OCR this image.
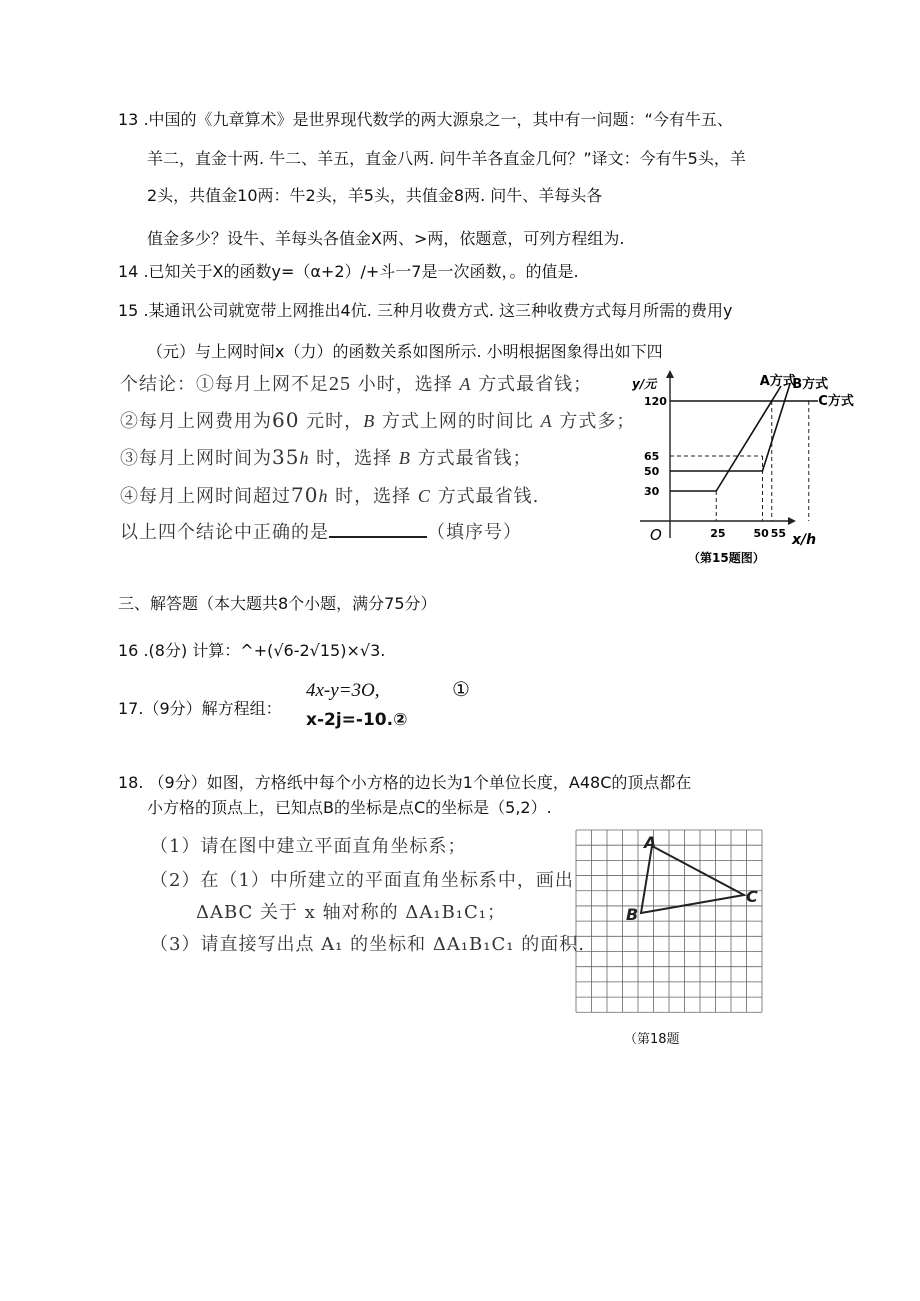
13 .中国的《九章算术》是世界现代数学的两大源泉之一，其中有一问题：“今有牛五、
羊二，直金十两. 牛二、羊五，直金八两. 问牛羊各直金几何？”译文：今有牛5头，羊
2头，共值金10两：牛2头，羊5头，共值金8两. 问牛、羊每头各
值金多少？设牛、羊每头各值金X两、>两，依题意，可列方程组为.
14 .已知关于X的函数y=（α+2）/+斗一7是一次函数，。的值是.
15 .某通讯公司就宽带上网推出4伉. 三种月收费方式. 这三种收费方式每月所需的费用y
（元）与上网时间x（力）的函数关系如图所示. 小明根据图象得出如下四
个结论：①每月上网不足25 小时，选择 A 方式最省钱；
②每月上网费用为60 元时，B 方式上网的时间比 A 方式多；
③每月上网时间为35h 时，选择 B 方式最省钱；
④每月上网时间超过70h 时，选择 C 方式最省钱.
以上四个结论中正确的是	（填序号）
A方式
B方式
C方式
30
50
65
120
25	50 55
y/元
x/h
O
（第15题图）
三、解答题（本大题共8个小题，满分75分）
16 .(8分) 计算：^+(√6-2√15)×√3.
17.（9分）解方程组：
4x-y=3O,	①
x-2j=-10.②
18. （9分）如图，方格纸中每个小方格的边长为1个单位长度，A48C的顶点都在
小方格的顶点上，已知点B的坐标是点C的坐标是（5,2）.
（1）请在图中建立平面直角坐标系；
（2）在（1）中所建立的平面直角坐标系中，画出
ΔABC 关于 x 轴对称的 ΔA₁B₁C₁；
（3）请直接写出点 A₁ 的坐标和 ΔA₁B₁C₁ 的面积.
A
B
C
（第18题
